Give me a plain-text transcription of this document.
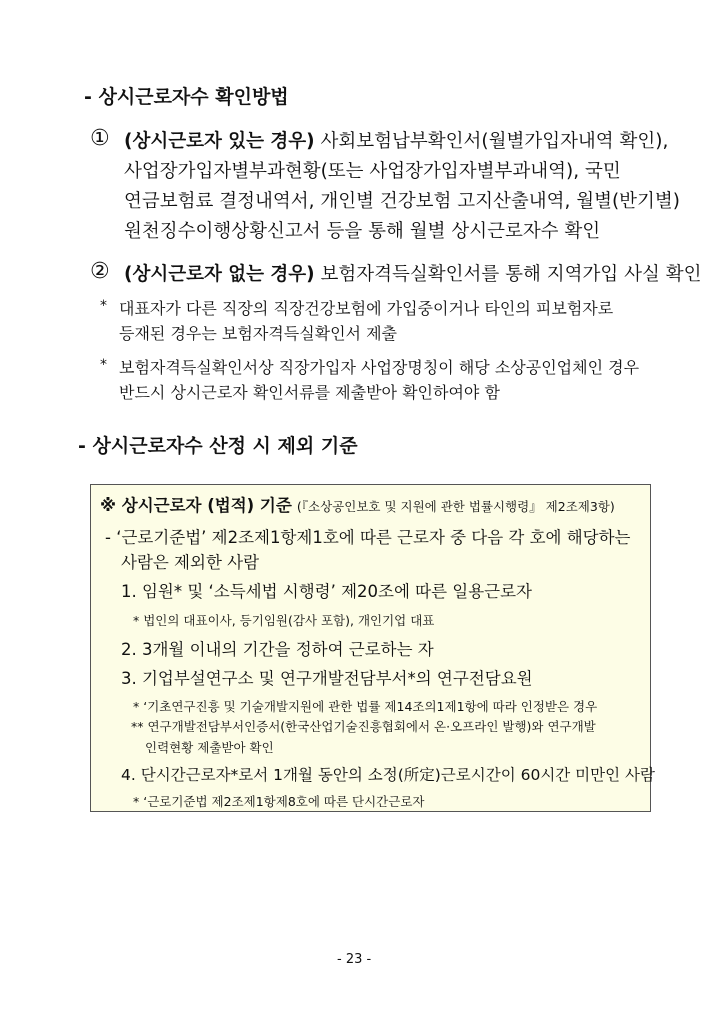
- 상시근로자수 확인방법
① (상시근로자 있는 경우) 사회보험납부확인서(월별가입자내역 확인),
사업장가입자별부과현황(또는 사업장가입자별부과내역), 국민
연금보험료 결정내역서, 개인별 건강보험 고지산출내역, 월별(반기별)
원천징수이행상황신고서 등을 통해 월별 상시근로자수 확인
② (상시근로자 없는 경우) 보험자격득실확인서를 통해 지역가입 사실 확인
* 대표자가 다른 직장의 직장건강보험에 가입중이거나 타인의 피보험자로
등재된 경우는 보험자격득실확인서 제출
* 보험자격득실확인서상 직장가입자 사업장명칭이 해당 소상공인업체인 경우
반드시 상시근로자 확인서류를 제출받아 확인하여야 함
- 상시근로자수 산정 시 제외 기준
※ 상시근로자 (법적) 기준 (『소상공인보호 및 지원에 관한 법률시행령』 제2조제3항)
- ‘근로기준법’ 제2조제1항제1호에 따른 근로자 중 다음 각 호에 해당하는
사람은 제외한 사람
1. 임원* 및 ‘소득세법 시행령’ 제20조에 따른 일용근로자
* 법인의 대표이사, 등기임원(감사 포함), 개인기업 대표
2. 3개월 이내의 기간을 정하여 근로하는 자
3. 기업부설연구소 및 연구개발전담부서*의 연구전담요원
* ‘기초연구진흥 및 기술개발지원에 관한 법률 제14조의1제1항에 따라 인정받은 경우
** 연구개발전담부서인증서(한국산업기술진흥협회에서 온·오프라인 발행)와 연구개발
인력현황 제출받아 확인
4. 단시간근로자*로서 1개월 동안의 소정(所定)근로시간이 60시간 미만인 사람
* ‘근로기준법 제2조제1항제8호에 따른 단시간근로자
- 23 -
